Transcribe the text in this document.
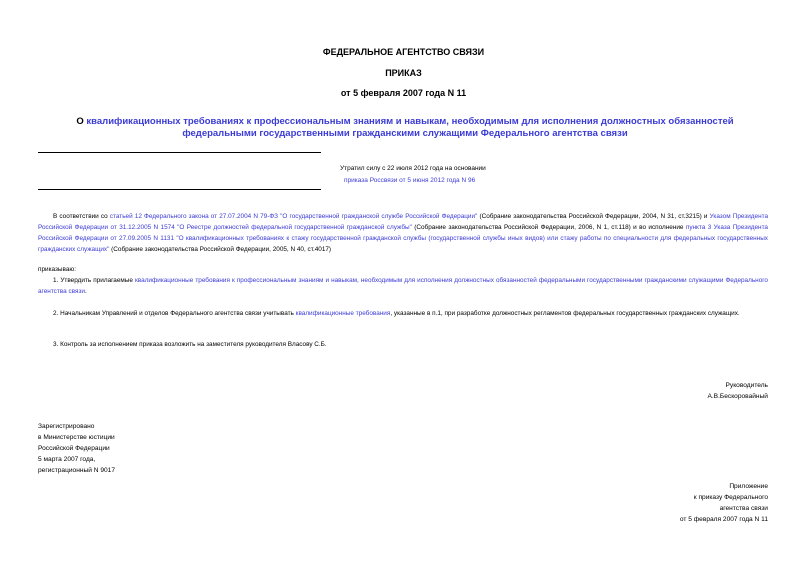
ФЕДЕРАЛЬНОЕ АГЕНТСТВО СВЯЗИ
ПРИКАЗ
от 5 февраля 2007 года N 11
О квалификационных требованиях к профессиональным знаниям и навыкам, необходимым для исполнения должностных обязанностей федеральными государственными гражданскими служащими Федерального агентства связи
Утратил силу с 22 июля 2012 года на основании
приказа Россвязи от 5 июня 2012 года N 96
В соответствии со статьей 12 Федерального закона от 27.07.2004 N 79-ФЗ "О государственной гражданской службе Российской Федерации" (Собрание законодательства Российской Федерации, 2004, N 31, ст.3215) и Указом Президента Российской Федерации от 31.12.2005 N 1574 "О Реестре должностей федеральной государственной гражданской службы" (Собрание законодательства Российской Федерации, 2006, N 1, ст.118) и во исполнение пункта 3 Указа Президента Российской Федерации от 27.09.2005 N 1131 "О квалификационных требованиях к стажу государственной гражданской службы (государственной службы иных видов) или стажу работы по специальности для федеральных государственных гражданских служащих" (Собрание законодательства Российской Федерации, 2005, N 40, ст.4017)
приказываю:
1. Утвердить прилагаемые квалификационные требования к профессиональным знаниям и навыкам, необходимым для исполнения должностных обязанностей федеральными государственными гражданскими служащими Федерального агентства связи.
2. Начальникам Управлений и отделов Федерального агентства связи учитывать квалификационные требования, указанные в п.1, при разработке должностных регламентов федеральных государственных гражданских служащих.
3. Контроль за исполнением приказа возложить на заместителя руководителя Власову С.Б.
Руководитель
А.В.Бескоровайный
Зарегистрировано
в Министерстве юстиции
Российской Федерации
5 марта 2007 года,
регистрационный N 9017
Приложение
к приказу Федерального
агентства связи
от 5 февраля 2007 года N 11
